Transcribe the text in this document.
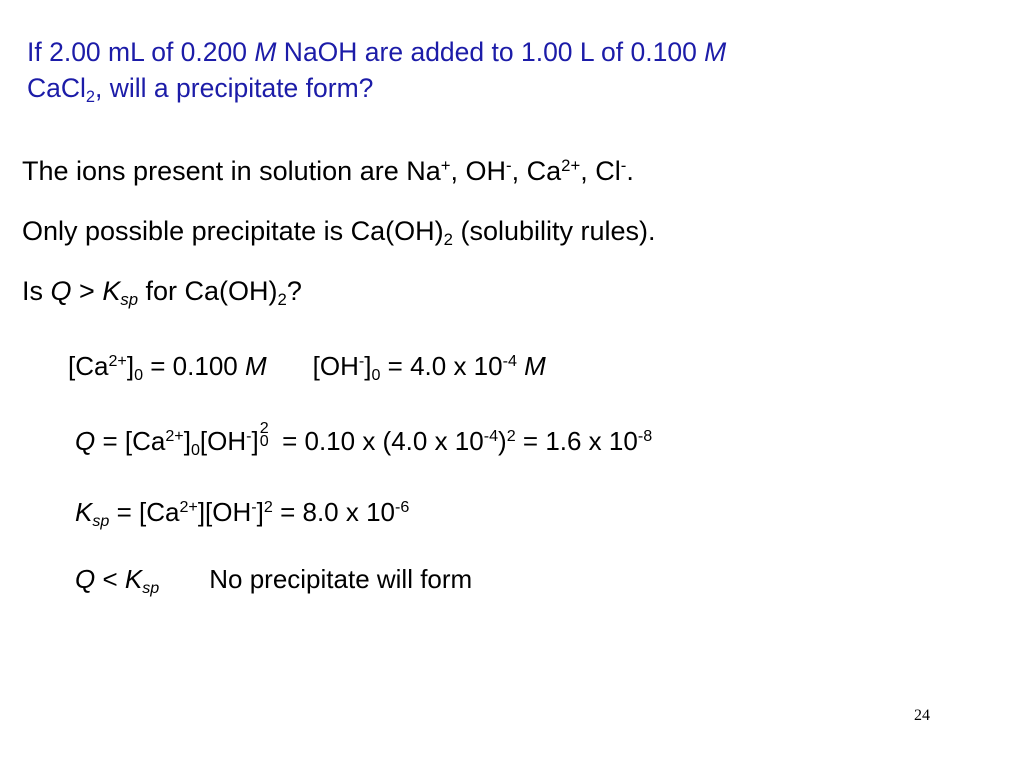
If 2.00 mL of 0.200 M NaOH are added to 1.00 L of 0.100 M
CaCl$_2$, will a precipitate form?
The ions present in solution are Na+, OH-, $Ca^{2+}$, Cl-.
Only possible precipitate is $Ca(OH)_2$ (solubility rules).
Is $Q > K_{sp}$ for $Ca(OH)_2$?
$[Ca^{2+}]_0 = 0.100$ M $[OH^-]_0 = 4.0$ x $10^{-4}$ M
$Q = [Ca^{2+}]_0[OH^-]$ 2
0 = 0.10 x (4.0 x $10^{-4})^2 = 1.6$ x $10^{-8}$
$K_{sp} = [Ca^{2+}][OH^-]^2 = 8.0$ x $10^{-6}$
$Q < K_{sp}$ No precipitate will form
24
